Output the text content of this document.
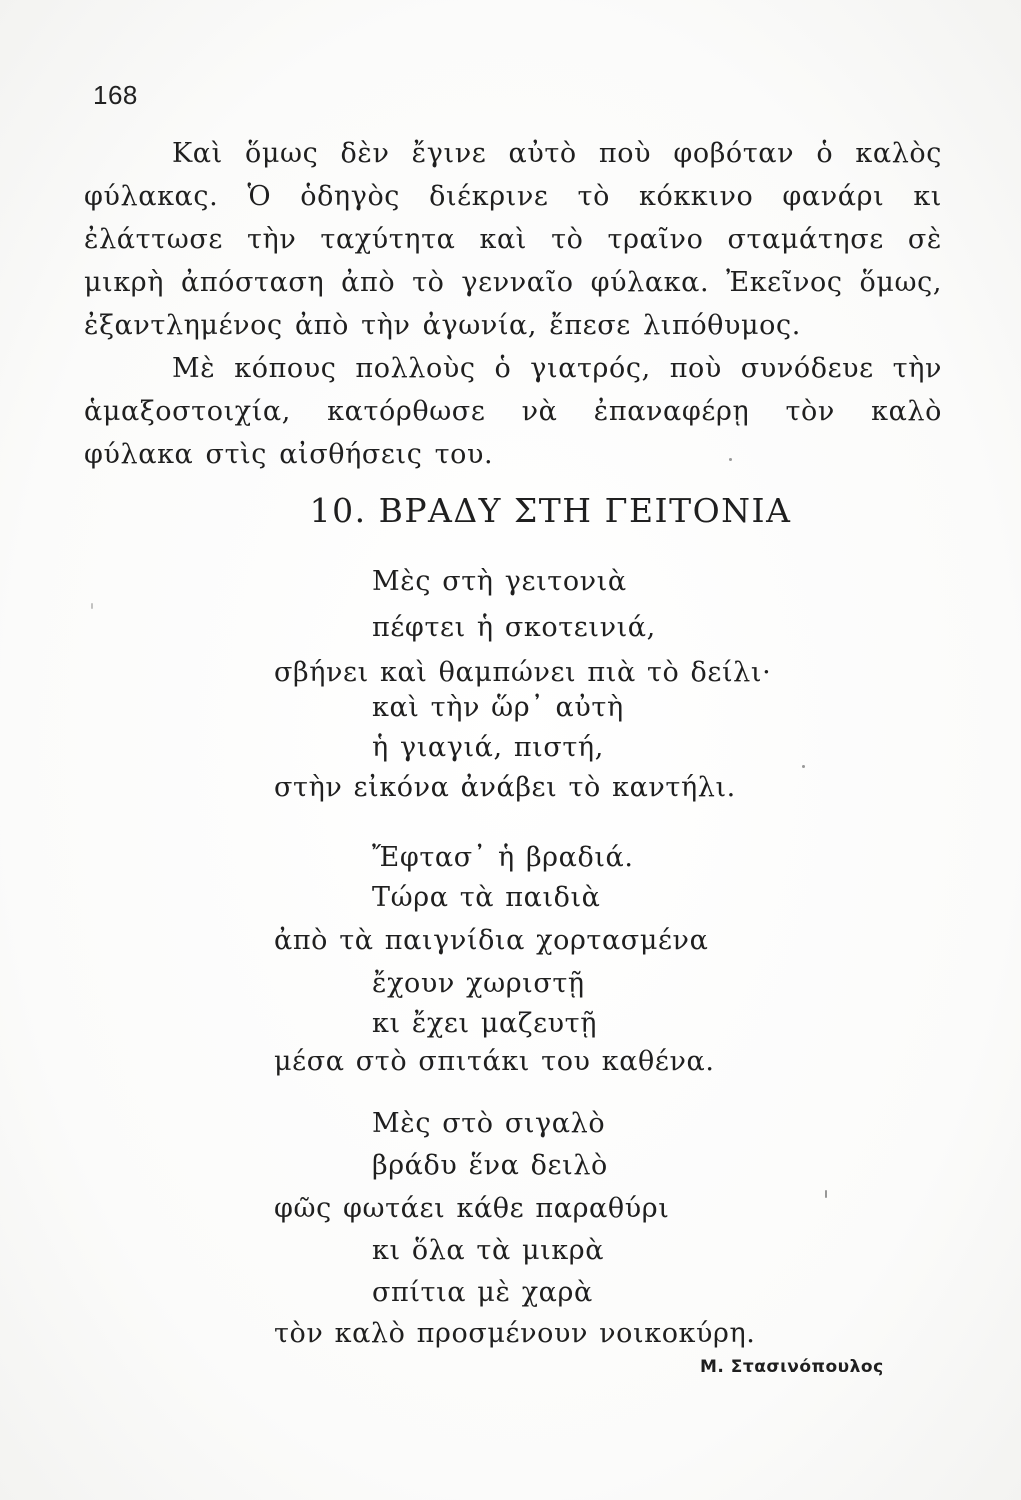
168

Καὶ ὅμως δὲν ἔγινε αὐτὸ ποὺ φοβόταν ὁ καλὸς φύλακας. Ὁ ὁδηγὸς διέκρινε τὸ κόκκινο φανάρι κι ἐλάττωσε τὴν ταχύτητα καὶ τὸ τραῖνο σταμάτησε σὲ μικρὴ ἀπόσταση ἀπὸ τὸ γενναῖο φύλακα. Ἐκεῖνος ὅμως, ἐξαντλημένος ἀπὸ τὴν ἀγωνία, ἔπεσε λιπόθυμος.

Μὲ κόπους πολλοὺς ὁ γιατρός, ποὺ συνόδευε τὴν ἁμαξοστοιχία, κατόρθωσε νὰ ἐπαναφέρῃ τὸν καλὸ φύλακα στὶς αἰσθήσεις του.

10. ΒΡΑΔΥ ΣΤΗ ΓΕΙΤΟΝΙΑ
Μὲς στὴ γειτονιὰ
πέφτει ἡ σκοτεινιά,
σβήνει καὶ θαμπώνει πιὰ τὸ δείλι·
καὶ τὴν ὥρ᾽ αὐτὴ
ἡ γιαγιά, πιστή,
στὴν εἰκόνα ἀνάβει τὸ καντήλι.
Ἔφτασ᾽ ἡ βραδιά.
Τώρα τὰ παιδιὰ
ἀπὸ τὰ παιγνίδια χορτασμένα
ἔχουν χωριστῇ
κι ἔχει μαζευτῇ
μέσα στὸ σπιτάκι του καθένα.
Μὲς στὸ σιγαλὸ
βράδυ ἕνα δειλὸ
φῶς φωτάει κάθε παραθύρι
κι ὅλα τὰ μικρὰ
σπίτια μὲ χαρὰ
τὸν καλὸ προσμένουν νοικοκύρη.
Μ. Στασινόπουλος
